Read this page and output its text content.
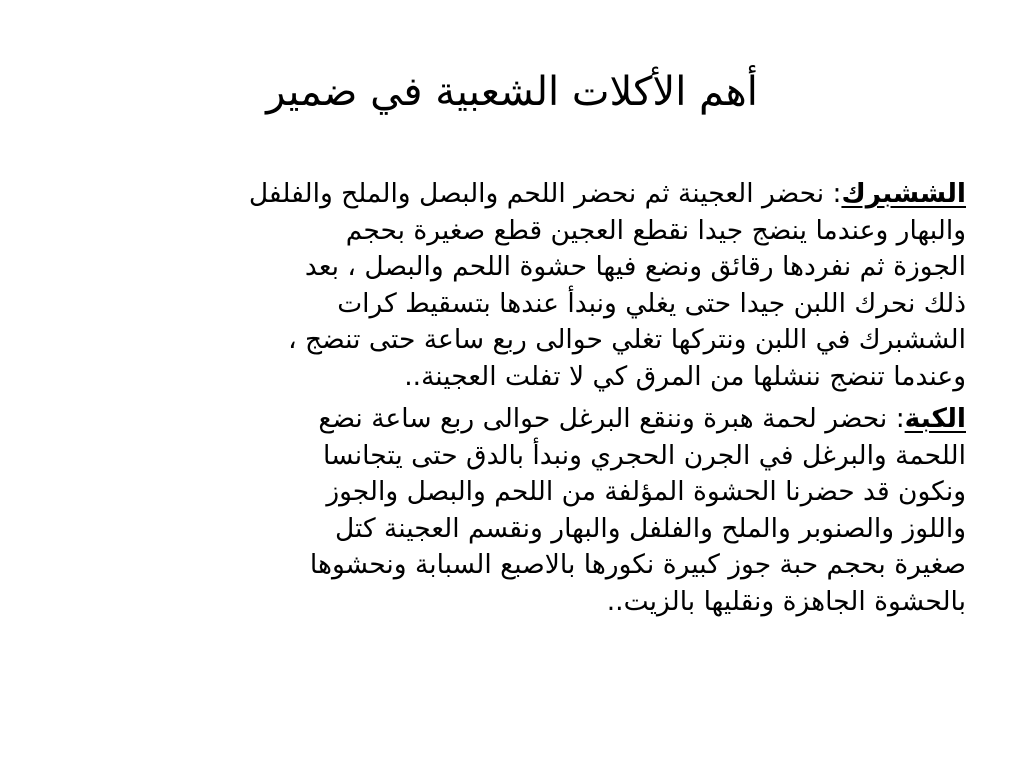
أهم الأكلات الشعبية في ضمير
الششبرك: نحضر العجينة ثم نحضر اللحم والبصل والملح والفلفل
والبهار وعندما ينضج جيدا نقطع العجين قطع صغيرة بحجم
الجوزة ثم نفردها رقائق ونضع فيها حشوة اللحم والبصل ، بعد
ذلك نحرك اللبن جيدا حتى يغلي ونبدأ عندها بتسقيط كرات
الششبرك في اللبن ونتركها تغلي حوالى ربع ساعة حتى تنضج ،
وعندما تنضج ننشلها من المرق كي لا تفلت العجينة..
الكبة: نحضر لحمة هبرة وننقع البرغل حوالى ربع ساعة نضع
اللحمة والبرغل في الجرن الحجري ونبدأ بالدق حتى يتجانسا
ونكون قد حضرنا الحشوة المؤلفة من اللحم والبصل والجوز
واللوز والصنوبر والملح والفلفل والبهار ونقسم العجينة كتل
صغيرة بحجم حبة جوز كبيرة نكورها بالاصبع السبابة ونحشوها
بالحشوة الجاهزة ونقليها بالزيت..
